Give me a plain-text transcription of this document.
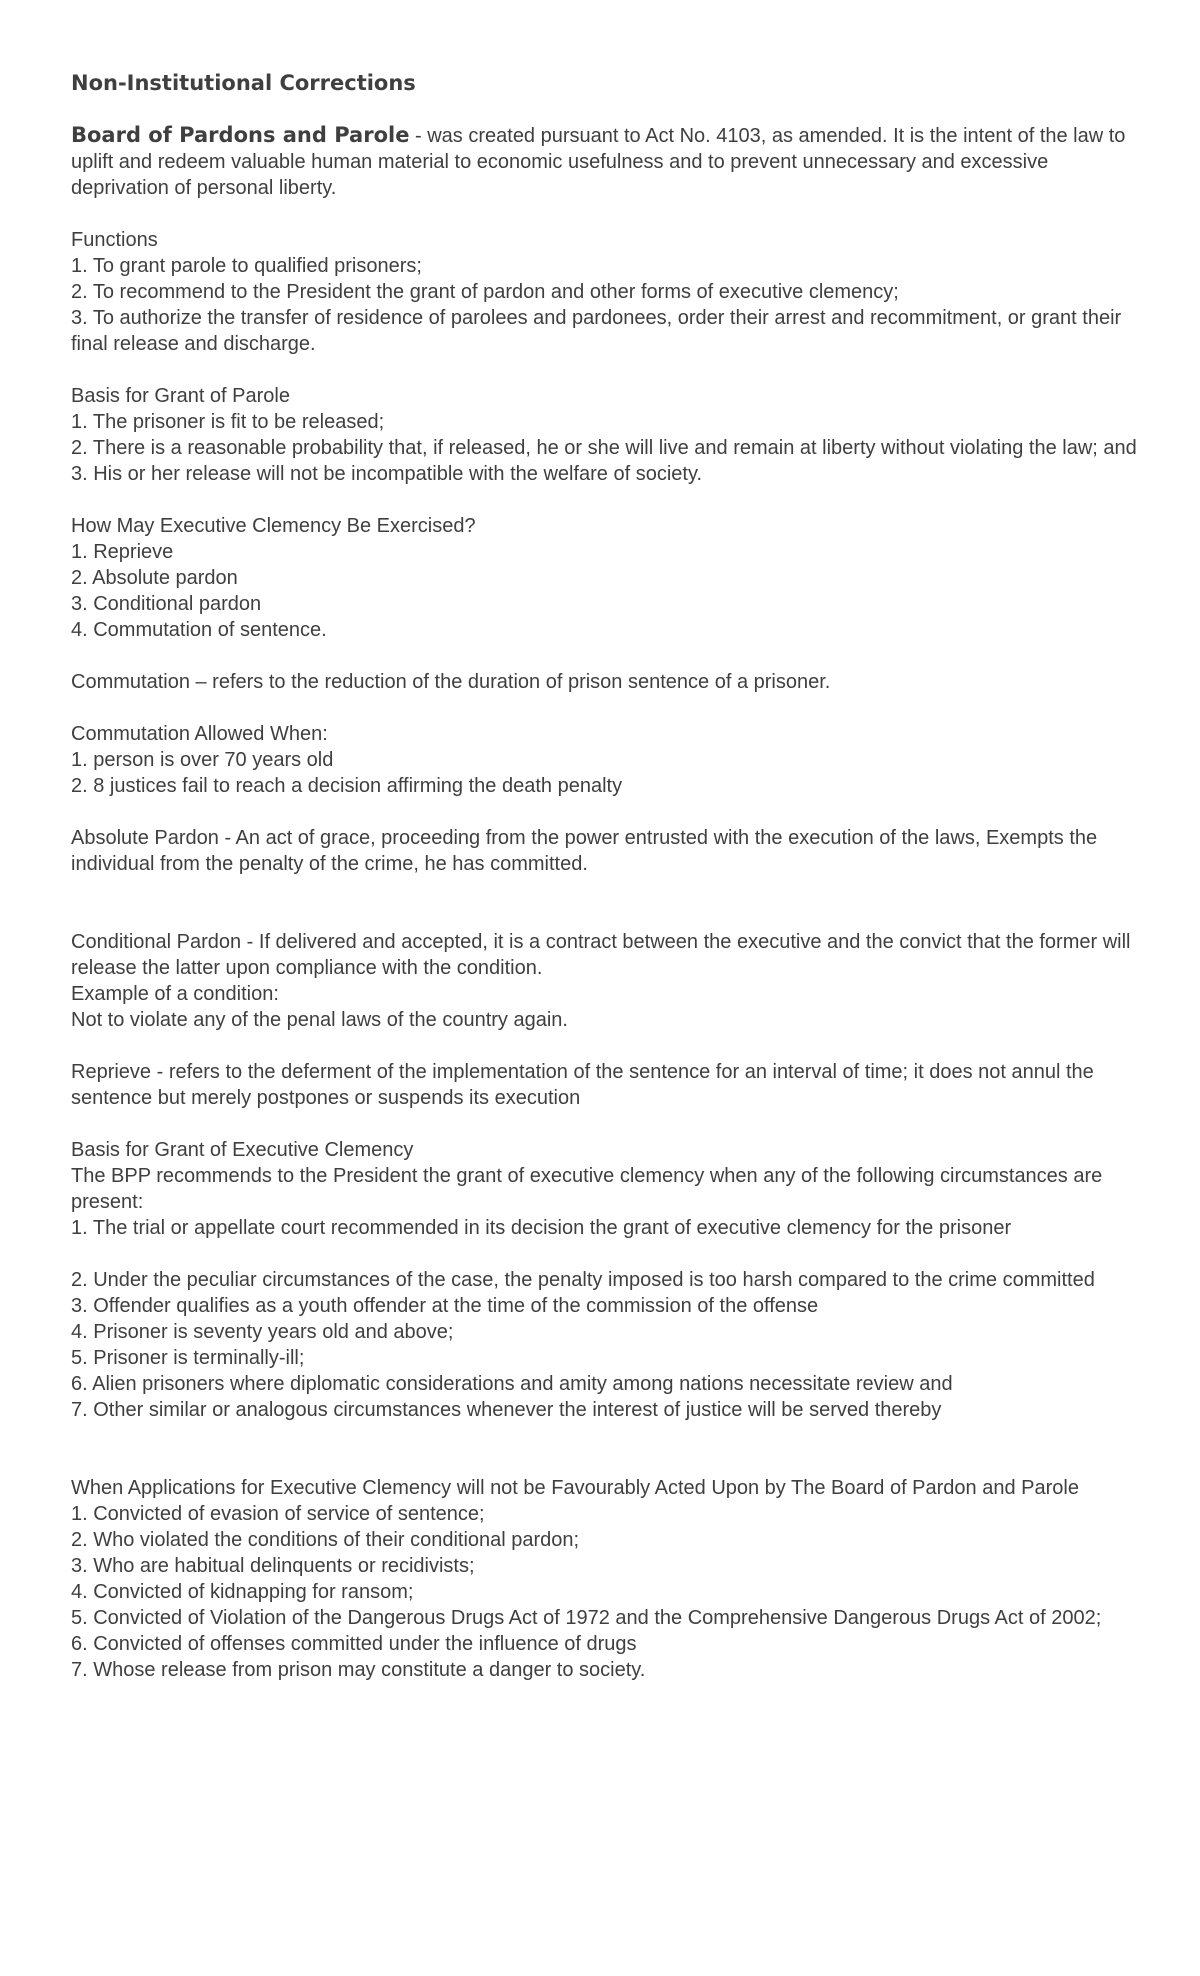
Non-Institutional Corrections

Board of Pardons and Parole - was created pursuant to Act No. 4103, as amended. It is the intent of the law to uplift and redeem valuable human material to economic usefulness and to prevent unnecessary and excessive deprivation of personal liberty.

Functions
1. To grant parole to qualified prisoners;
2. To recommend to the President the grant of pardon and other forms of executive clemency;
3. To authorize the transfer of residence of parolees and pardonees, order their arrest and recommitment, or grant their final release and discharge.
Basis for Grant of Parole
1. The prisoner is fit to be released;
2. There is a reasonable probability that, if released, he or she will live and remain at liberty without violating the law; and
3. His or her release will not be incompatible with the welfare of society.
How May Executive Clemency Be Exercised?
1. Reprieve
2. Absolute pardon
3. Conditional pardon
4. Commutation of sentence.

Commutation – refers to the reduction of the duration of prison sentence of a prisoner.

Commutation Allowed When:
1. person is over 70 years old
2. 8 justices fail to reach a decision affirming the death penalty

Absolute Pardon - An act of grace, proceeding from the power entrusted with the execution of the laws, Exempts the individual from the penalty of the crime, he has committed.

Conditional Pardon - If delivered and accepted, it is a contract between the executive and the convict that the former will release the latter upon compliance with the condition.
Example of a condition:
Not to violate any of the penal laws of the country again.

Reprieve - refers to the deferment of the implementation of the sentence for an interval of time; it does not annul the sentence but merely postpones or suspends its execution

Basis for Grant of Executive Clemency
The BPP recommends to the President the grant of executive clemency when any of the following circumstances are present:
1. The trial or appellate court recommended in its decision the grant of executive clemency for the prisoner
2. Under the peculiar circumstances of the case, the penalty imposed is too harsh compared to the crime committed
3. Offender qualifies as a youth offender at the time of the commission of the offense
4. Prisoner is seventy years old and above;
5. Prisoner is terminally-ill;
6. Alien prisoners where diplomatic considerations and amity among nations necessitate review and
7. Other similar or analogous circumstances whenever the interest of justice will be served thereby
When Applications for Executive Clemency will not be Favourably Acted Upon by The Board of Pardon and Parole
1. Convicted of evasion of service of sentence;
2. Who violated the conditions of their conditional pardon;
3. Who are habitual delinquents or recidivists;
4. Convicted of kidnapping for ransom;
5. Convicted of Violation of the Dangerous Drugs Act of 1972 and the Comprehensive Dangerous Drugs Act of 2002;
6. Convicted of offenses committed under the influence of drugs
7. Whose release from prison may constitute a danger to society.
